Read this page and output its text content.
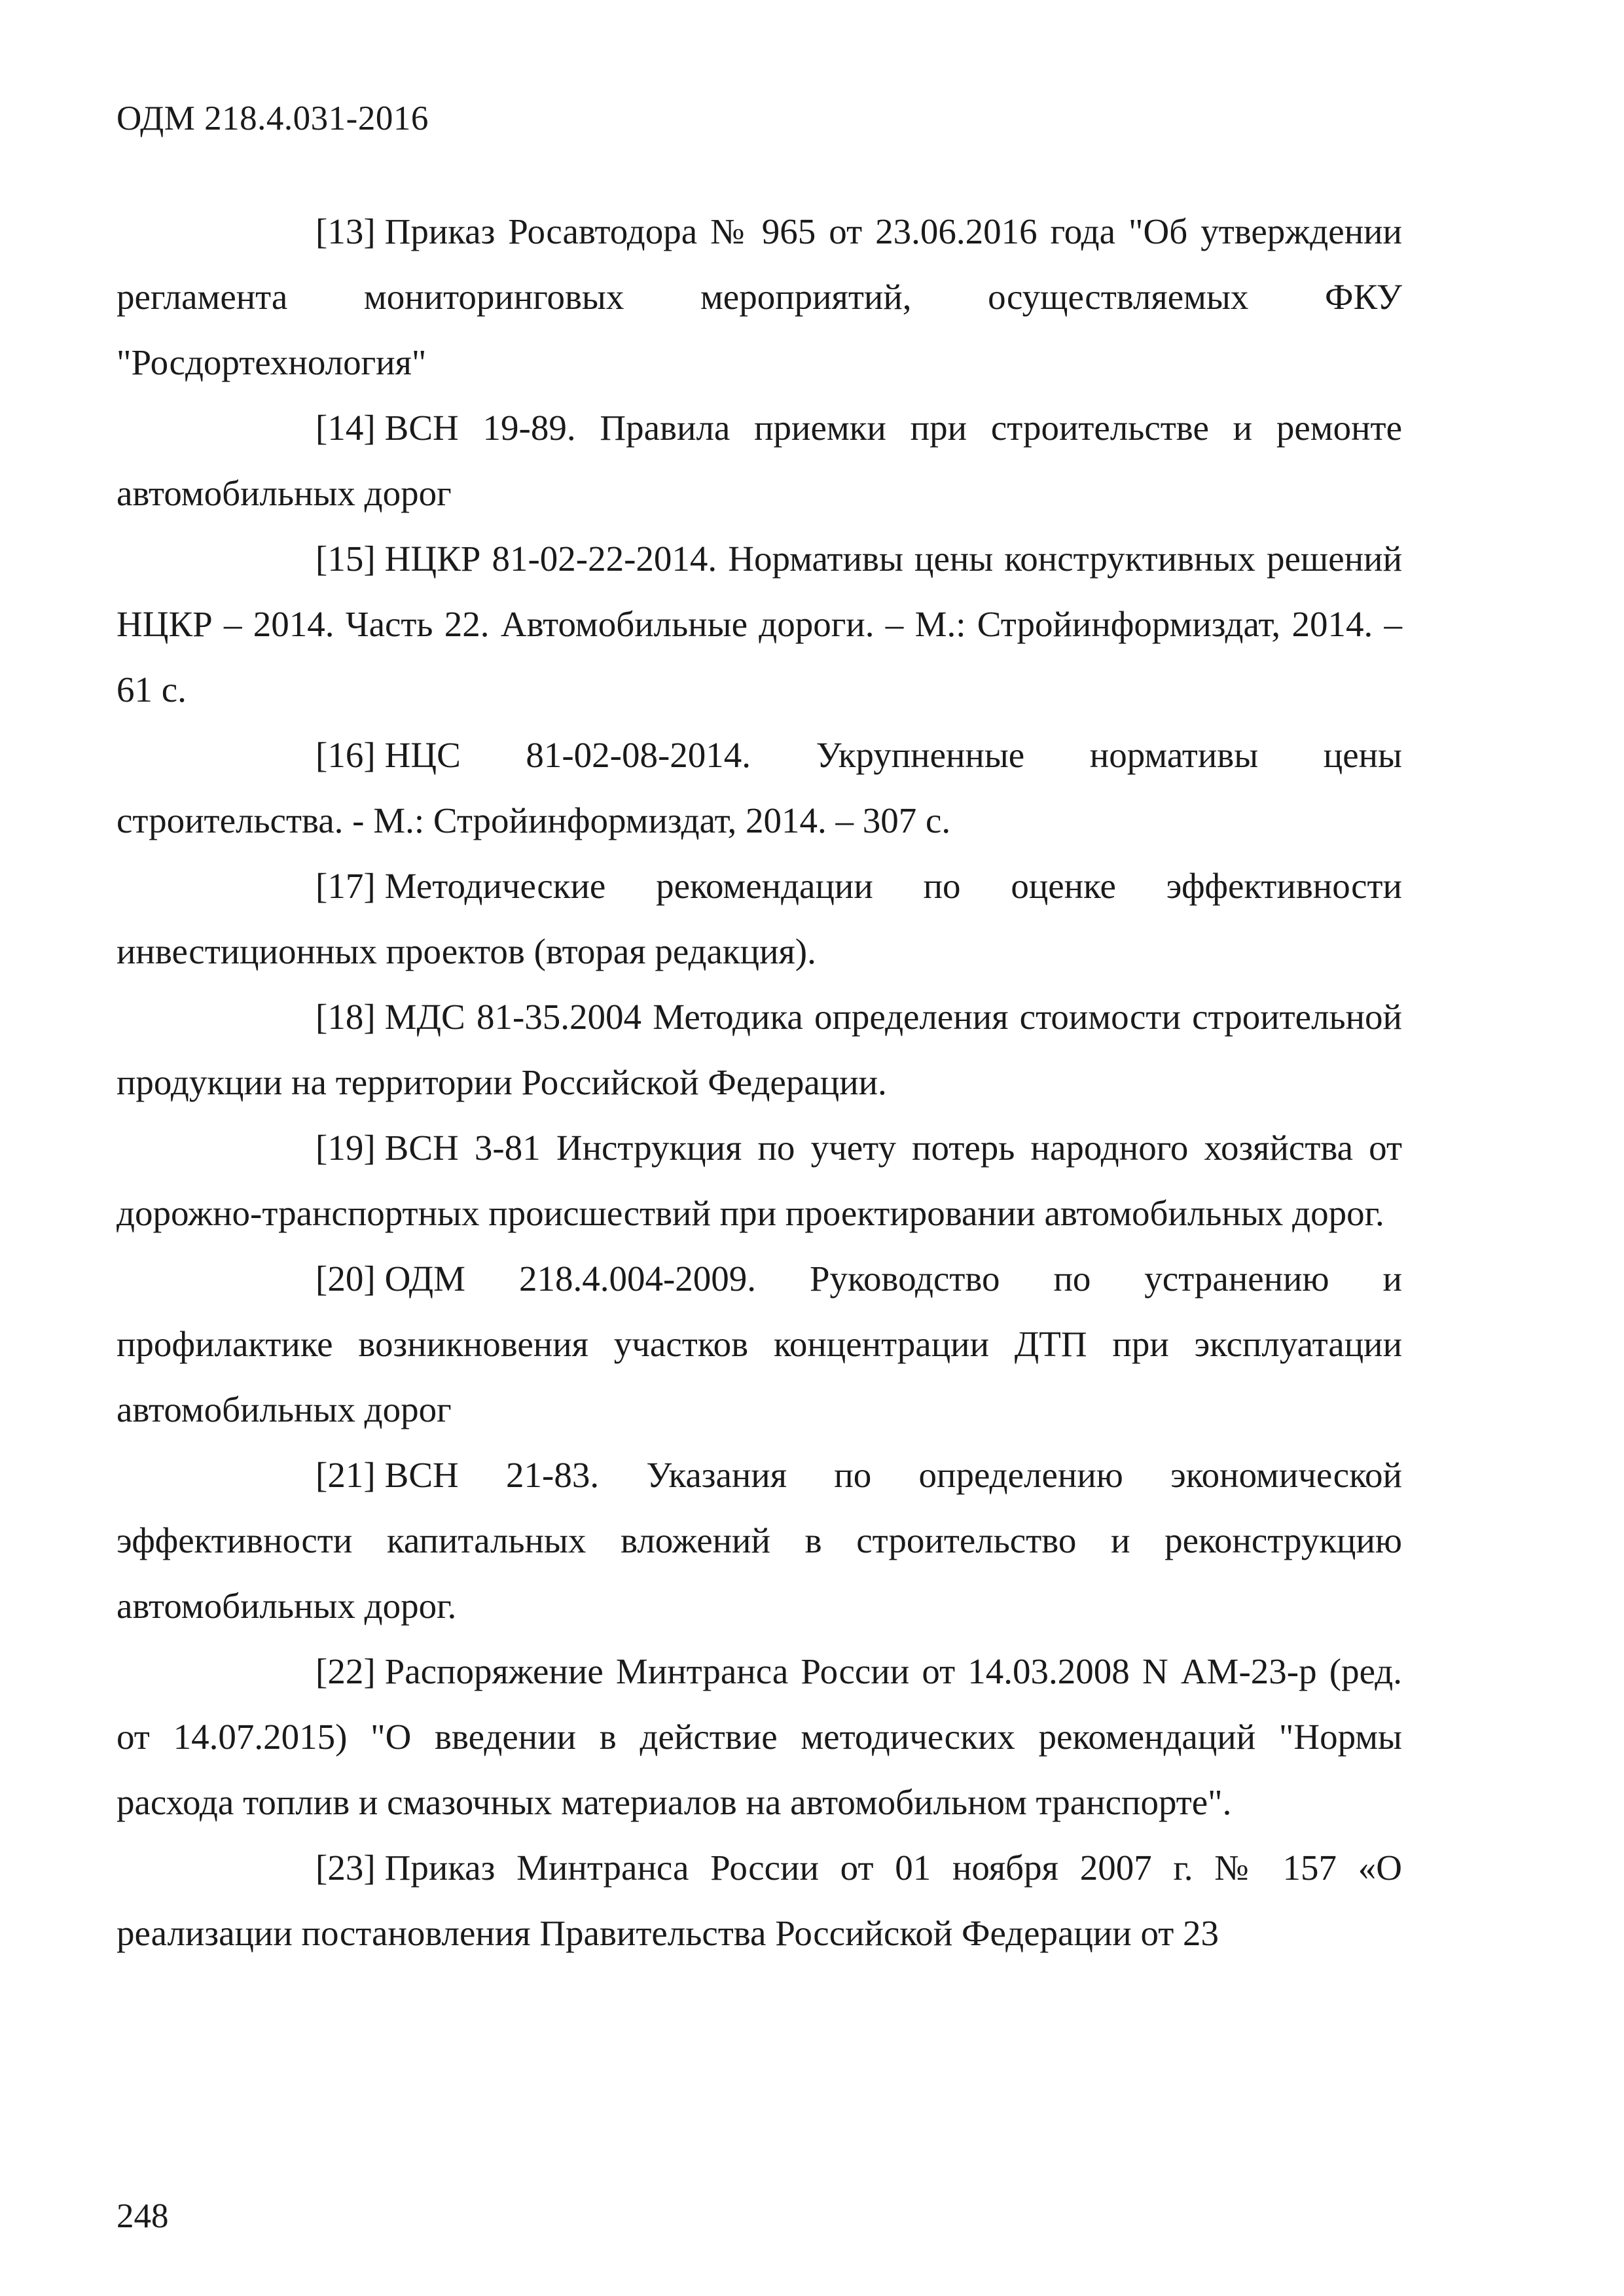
ОДМ 218.4.031-2016

[13] Приказ Росавтодора № 965 от 23.06.2016 года "Об утверждении регламента мониторинговых мероприятий, осуществляемых ФКУ "Росдортехнология"

[14] ВСН 19-89. Правила приемки при строительстве и ремонте автомобильных дорог

[15] НЦКР 81-02-22-2014. Нормативы цены конструктивных решений НЦКР – 2014. Часть 22. Автомобильные дороги. – М.: Стройинформиздат, 2014. – 61 с.

[16] НЦС 81-02-08-2014. Укрупненные нормативы цены строительства. - М.: Стройинформиздат, 2014. – 307 с.

[17] Методические рекомендации по оценке эффективности инвестиционных проектов (вторая редакция).

[18] МДС 81-35.2004 Методика определения стоимости строительной продукции на территории Российской Федерации.

[19] ВСН 3-81 Инструкция по учету потерь народного хозяйства от дорожно-транспортных происшествий при проектировании автомобильных дорог.

[20] ОДМ 218.4.004-2009. Руководство по устранению и профилактике возникновения участков концентрации ДТП при эксплуатации автомобильных дорог

[21] ВСН 21-83. Указания по определению экономической эффективности капитальных вложений в строительство и реконструкцию автомобильных дорог.

[22] Распоряжение Минтранса России от 14.03.2008 N АМ-23-р (ред. от 14.07.2015) "О введении в действие методических рекомендаций "Нормы расхода топлив и смазочных материалов на автомобильном транспорте".

[23] Приказ Минтранса России от 01 ноября 2007 г. № 157 «О реализации постановления Правительства Российской Федерации от 23

248
